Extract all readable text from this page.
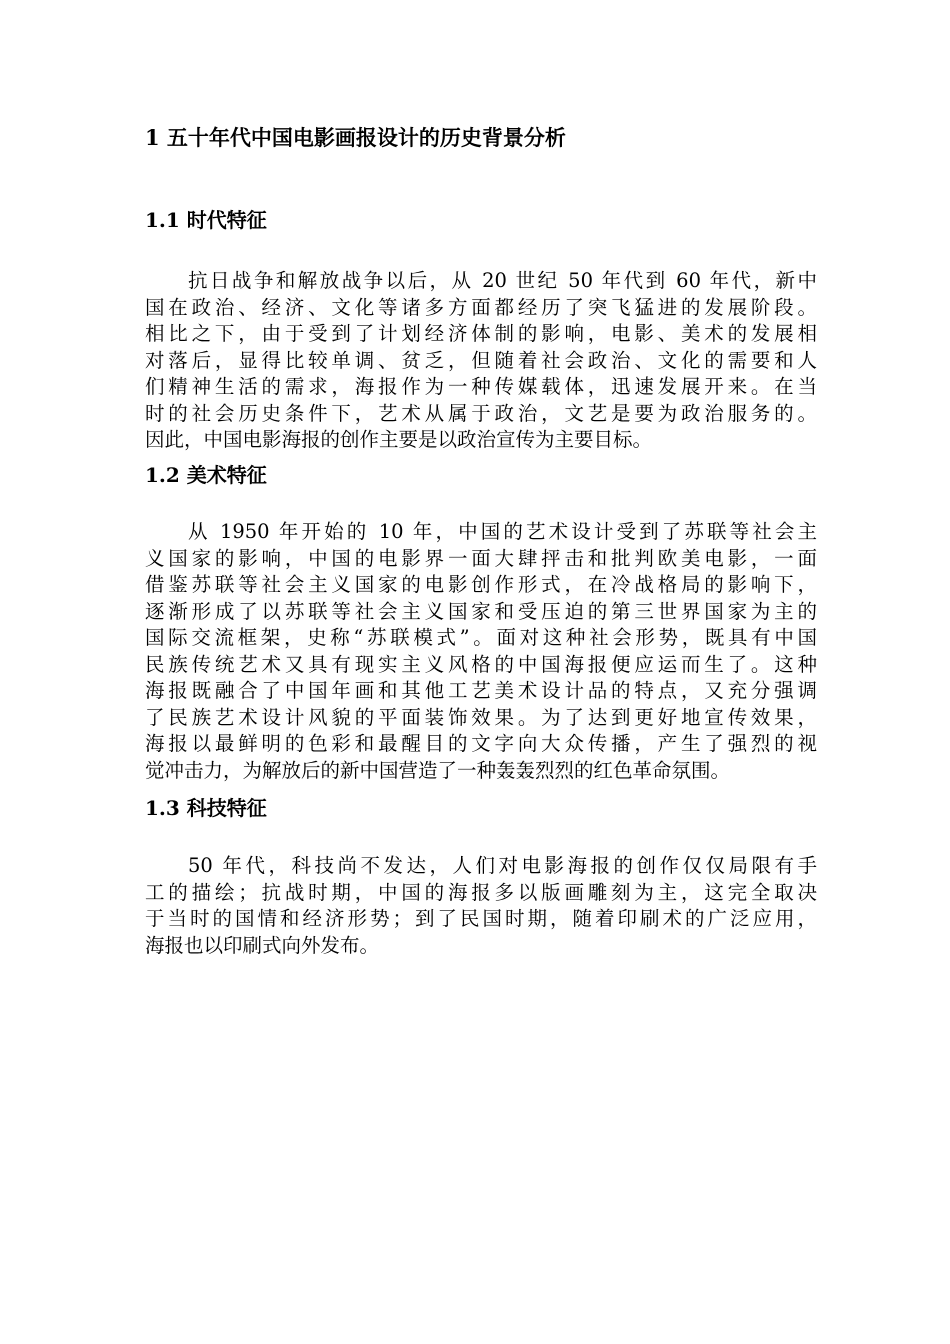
1 五十年代中国电影画报设计的历史背景分析
1.1 时代特征
抗日战争和解放战争以后，从 20 世纪 50 年代到 60 年代，新中
国在政治、经济、文化等诸多方面都经历了突飞猛进的发展阶段。
相比之下，由于受到了计划经济体制的影响，电影、美术的发展相
对落后，显得比较单调、贫乏，但随着社会政治、文化的需要和人
们精神生活的需求，海报作为一种传媒载体，迅速发展开来。在当
时的社会历史条件下，艺术从属于政治，文艺是要为政治服务的。
因此，中国电影海报的创作主要是以政治宣传为主要目标。
1.2 美术特征
从 1950 年开始的 10 年，中国的艺术设计受到了苏联等社会主
义国家的影响，中国的电影界一面大肆抨击和批判欧美电影，一面
借鉴苏联等社会主义国家的电影创作形式，在冷战格局的影响下，
逐渐形成了以苏联等社会主义国家和受压迫的第三世界国家为主的
国际交流框架，史称“苏联模式”。面对这种社会形势，既具有中国
民族传统艺术又具有现实主义风格的中国海报便应运而生了。这种
海报既融合了中国年画和其他工艺美术设计品的特点，又充分强调
了民族艺术设计风貌的平面装饰效果。为了达到更好地宣传效果，
海报以最鲜明的色彩和最醒目的文字向大众传播，产生了强烈的视
觉冲击力，为解放后的新中国营造了一种轰轰烈烈的红色革命氛围。
1.3 科技特征
50 年代，科技尚不发达，人们对电影海报的创作仅仅局限有手
工的描绘；抗战时期，中国的海报多以版画雕刻为主，这完全取决
于当时的国情和经济形势；到了民国时期，随着印刷术的广泛应用，
海报也以印刷式向外发布。
